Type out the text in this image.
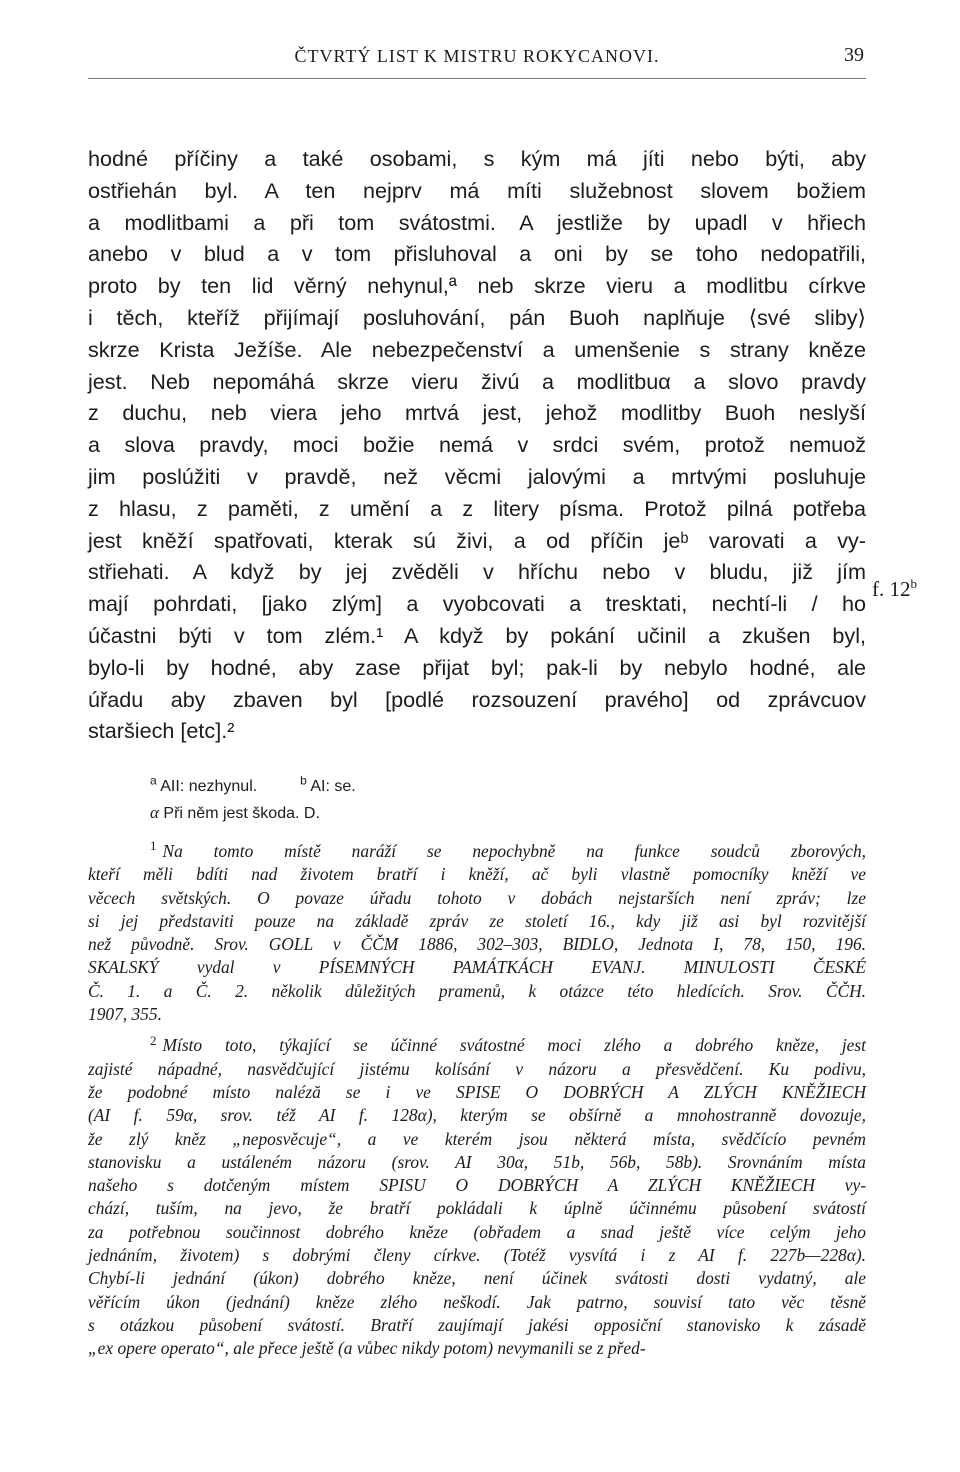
ČTVRTÝ LIST K MISTRU ROKYCANOVI.	39
hodné příčiny a také osobami, s kým má jíti nebo býti, aby
ostřiehán byl. A ten nejprv má míti služebnost slovem božiem
a modlitbami a při tom svátostmi. A jestliže by upadl v hřiech
anebo v blud a v tom přisluhoval a oni by se toho nedopatřili,
proto by ten lid věrný nehynul,ª neb skrze vieru a modlitbu církve
i těch, kteříž přijímají posluhování, pán Buoh naplňuje ⟨své sliby⟩
skrze Krista Ježíše. Ale nebezpečenství a umenšenie s strany kněze
jest. Neb nepomáhá skrze vieru živú a modlitbuα a slovo pravdy
z duchu, neb viera jeho mrtvá jest, jehož modlitby Buoh neslyší
a slova pravdy, moci božie nemá v srdci svém, protož nemuož
jim poslúžiti v pravdě, než věcmi jalovými a mrtvými posluhuje
z hlasu, z paměti, z umění a z litery písma. Protož pilná potřeba
jest kněží spatřovati, kterak sú živi, a od příčin jeᵇ varovati a vy-
střiehati. A když by jej zvěděli v hříchu nebo v bludu, již jím
mají pohrdati, [jako zlým] a vyobcovati a tresktati, nechtí-li / ho
účastni býti v tom zlém.¹ A když by pokání učinil a zkušen byl,
bylo-li by hodné, aby zase přijat byl; pak-li by nebylo hodné, ale
úřadu aby zbaven byl [podlé rozsouzení pravého] od zprávcuov
staršiech [etc].²
f. 12$^b$
$^a$ AII: nezhynul.	$^b$ AI: se.
α Při něm jest škoda. D.
$^1$ Na tomto místě naráží se nepochybně na funkce soudců zborových,
kteří měli bdíti nad životem bratří i kněží, ač byli vlastně pomocníky kněží ve
věcech světských. O povaze úřadu tohoto v dobách nejstarších není zpráv; lze
si jej představiti pouze na základě zpráv ze století 16., kdy již asi byl rozvitější
než původně. Srov. GOLL v ČČM 1886, 302–303, BIDLO, Jednota I, 78, 150, 196.
SKALSKÝ vydal v PÍSEMNÝCH PAMÁTKÁCH EVANJ. MINULOSTI ČESKÉ
Č. 1. a Č. 2. několik důležitých pramenů, k otázce této hledících. Srov. ČČH.
1907, 355.
$^2$ Místo toto, týkající se účinné svátostné moci zlého a dobrého kněze, jest
zajisté nápadné, nasvědčující jistému kolísání v názoru a přesvědčení. Ku podivu,
že podobné místo naléză se i ve SPISE O DOBRÝCH A ZLÝCH KNĚŽIECH
(AI f. 59α, srov. též AI f. 128α), kterým se obšírně a mnohostranně dovozuje,
že zlý kněz „neposvěcuje“, a ve kterém jsou některá místa, svědčícío pevném
stanovisku a ustáleném názoru (srov. AI 30α, 51b, 56b, 58b). Srovnáním místa
našeho s dotčeným místem SPISU O DOBRÝCH A ZLÝCH KNĚŽIECH vy-
chází, tuším, na jevo, že bratří pokládali k úplně účinnému působení svátostí
za potřebnou součinnost dobrého kněze (obřadem a snad ještě více celým jeho
jednáním, životem) s dobrými členy církve. (Totéž vysvítá i z AI f. 227b—228α).
Chybí-li jednání (úkon) dobrého kněze, není účinek svátosti dosti vydatný, ale
věřícím úkon (jednání) kněze zlého neškodí. Jak patrno, souvisí tato věc těsně
s otázkou působení svátostí. Bratří zaujímají jakési opposiční stanovisko k zásadě
„ex opere operato“, ale přece ještě (a vůbec nikdy potom) nevymanili se z před-
